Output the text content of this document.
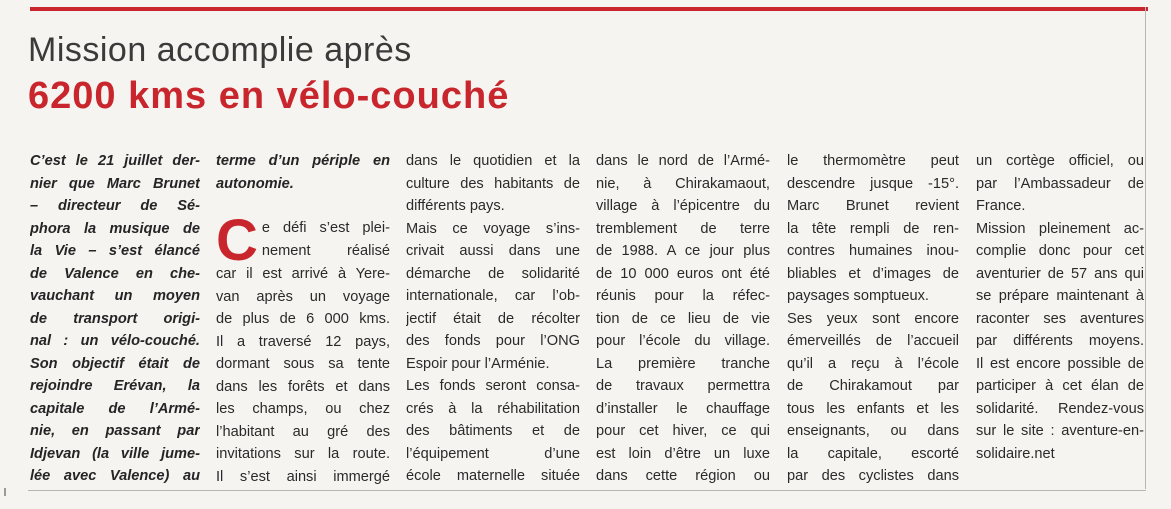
Mission accomplie après
6200 kms en vélo-couché
C’est le 21 juillet der-
nier que Marc Brunet
– directeur de Sé-
phora la musique de
la Vie – s’est élancé
de Valence en che-
vauchant un moyen
de transport origi-
nal : un vélo-couché.
Son objectif était de
rejoindre Erévan, la
capitale de l’Armé-
nie, en passant par
Idjevan (la ville jume-
lée avec Valence) au
terme d’un périple en
autonomie.
C e défi s’est plei-
nement réalisé
car il est arrivé à Yere-
van après un voyage
de plus de 6 000 kms.
Il a traversé 12 pays,
dormant sous sa tente
dans les forêts et dans
les champs, ou chez
l’habitant au gré des
invitations sur la route.
Il s’est ainsi immergé
dans le quotidien et la
culture des habitants de
différents pays.
Mais ce voyage s’ins-
crivait aussi dans une
démarche de solidarité
internationale, car l’ob-
jectif était de récolter
des fonds pour l’ONG
Espoir pour l’Arménie.
Les fonds seront consa-
crés à la réhabilitation
des bâtiments et de
l’équipement d’une
école maternelle située
dans le nord de l’Armé-
nie, à Chirakamaout,
village à l’épicentre du
tremblement de terre
de 1988. A ce jour plus
de 10 000 euros ont été
réunis pour la réfec-
tion de ce lieu de vie
pour l’école du village.
La première tranche
de travaux permettra
d’installer le chauffage
pour cet hiver, ce qui
est loin d’être un luxe
dans cette région ou
le thermomètre peut
descendre jusque -15°.
Marc Brunet revient
la tête rempli de ren-
contres humaines inou-
bliables et d’images de
paysages somptueux.
Ses yeux sont encore
émerveillés de l’accueil
qu’il a reçu à l’école
de Chirakamout par
tous les enfants et les
enseignants, ou dans
la capitale, escorté
par des cyclistes dans
un cortège officiel, ou
par l’Ambassadeur de
France.
Mission pleinement ac-
complie donc pour cet
aventurier de 57 ans qui
se prépare maintenant à
raconter ses aventures
par différents moyens.
Il est encore possible de
participer à cet élan de
solidarité. Rendez-vous
sur le site : aventure-en-
solidaire.net
